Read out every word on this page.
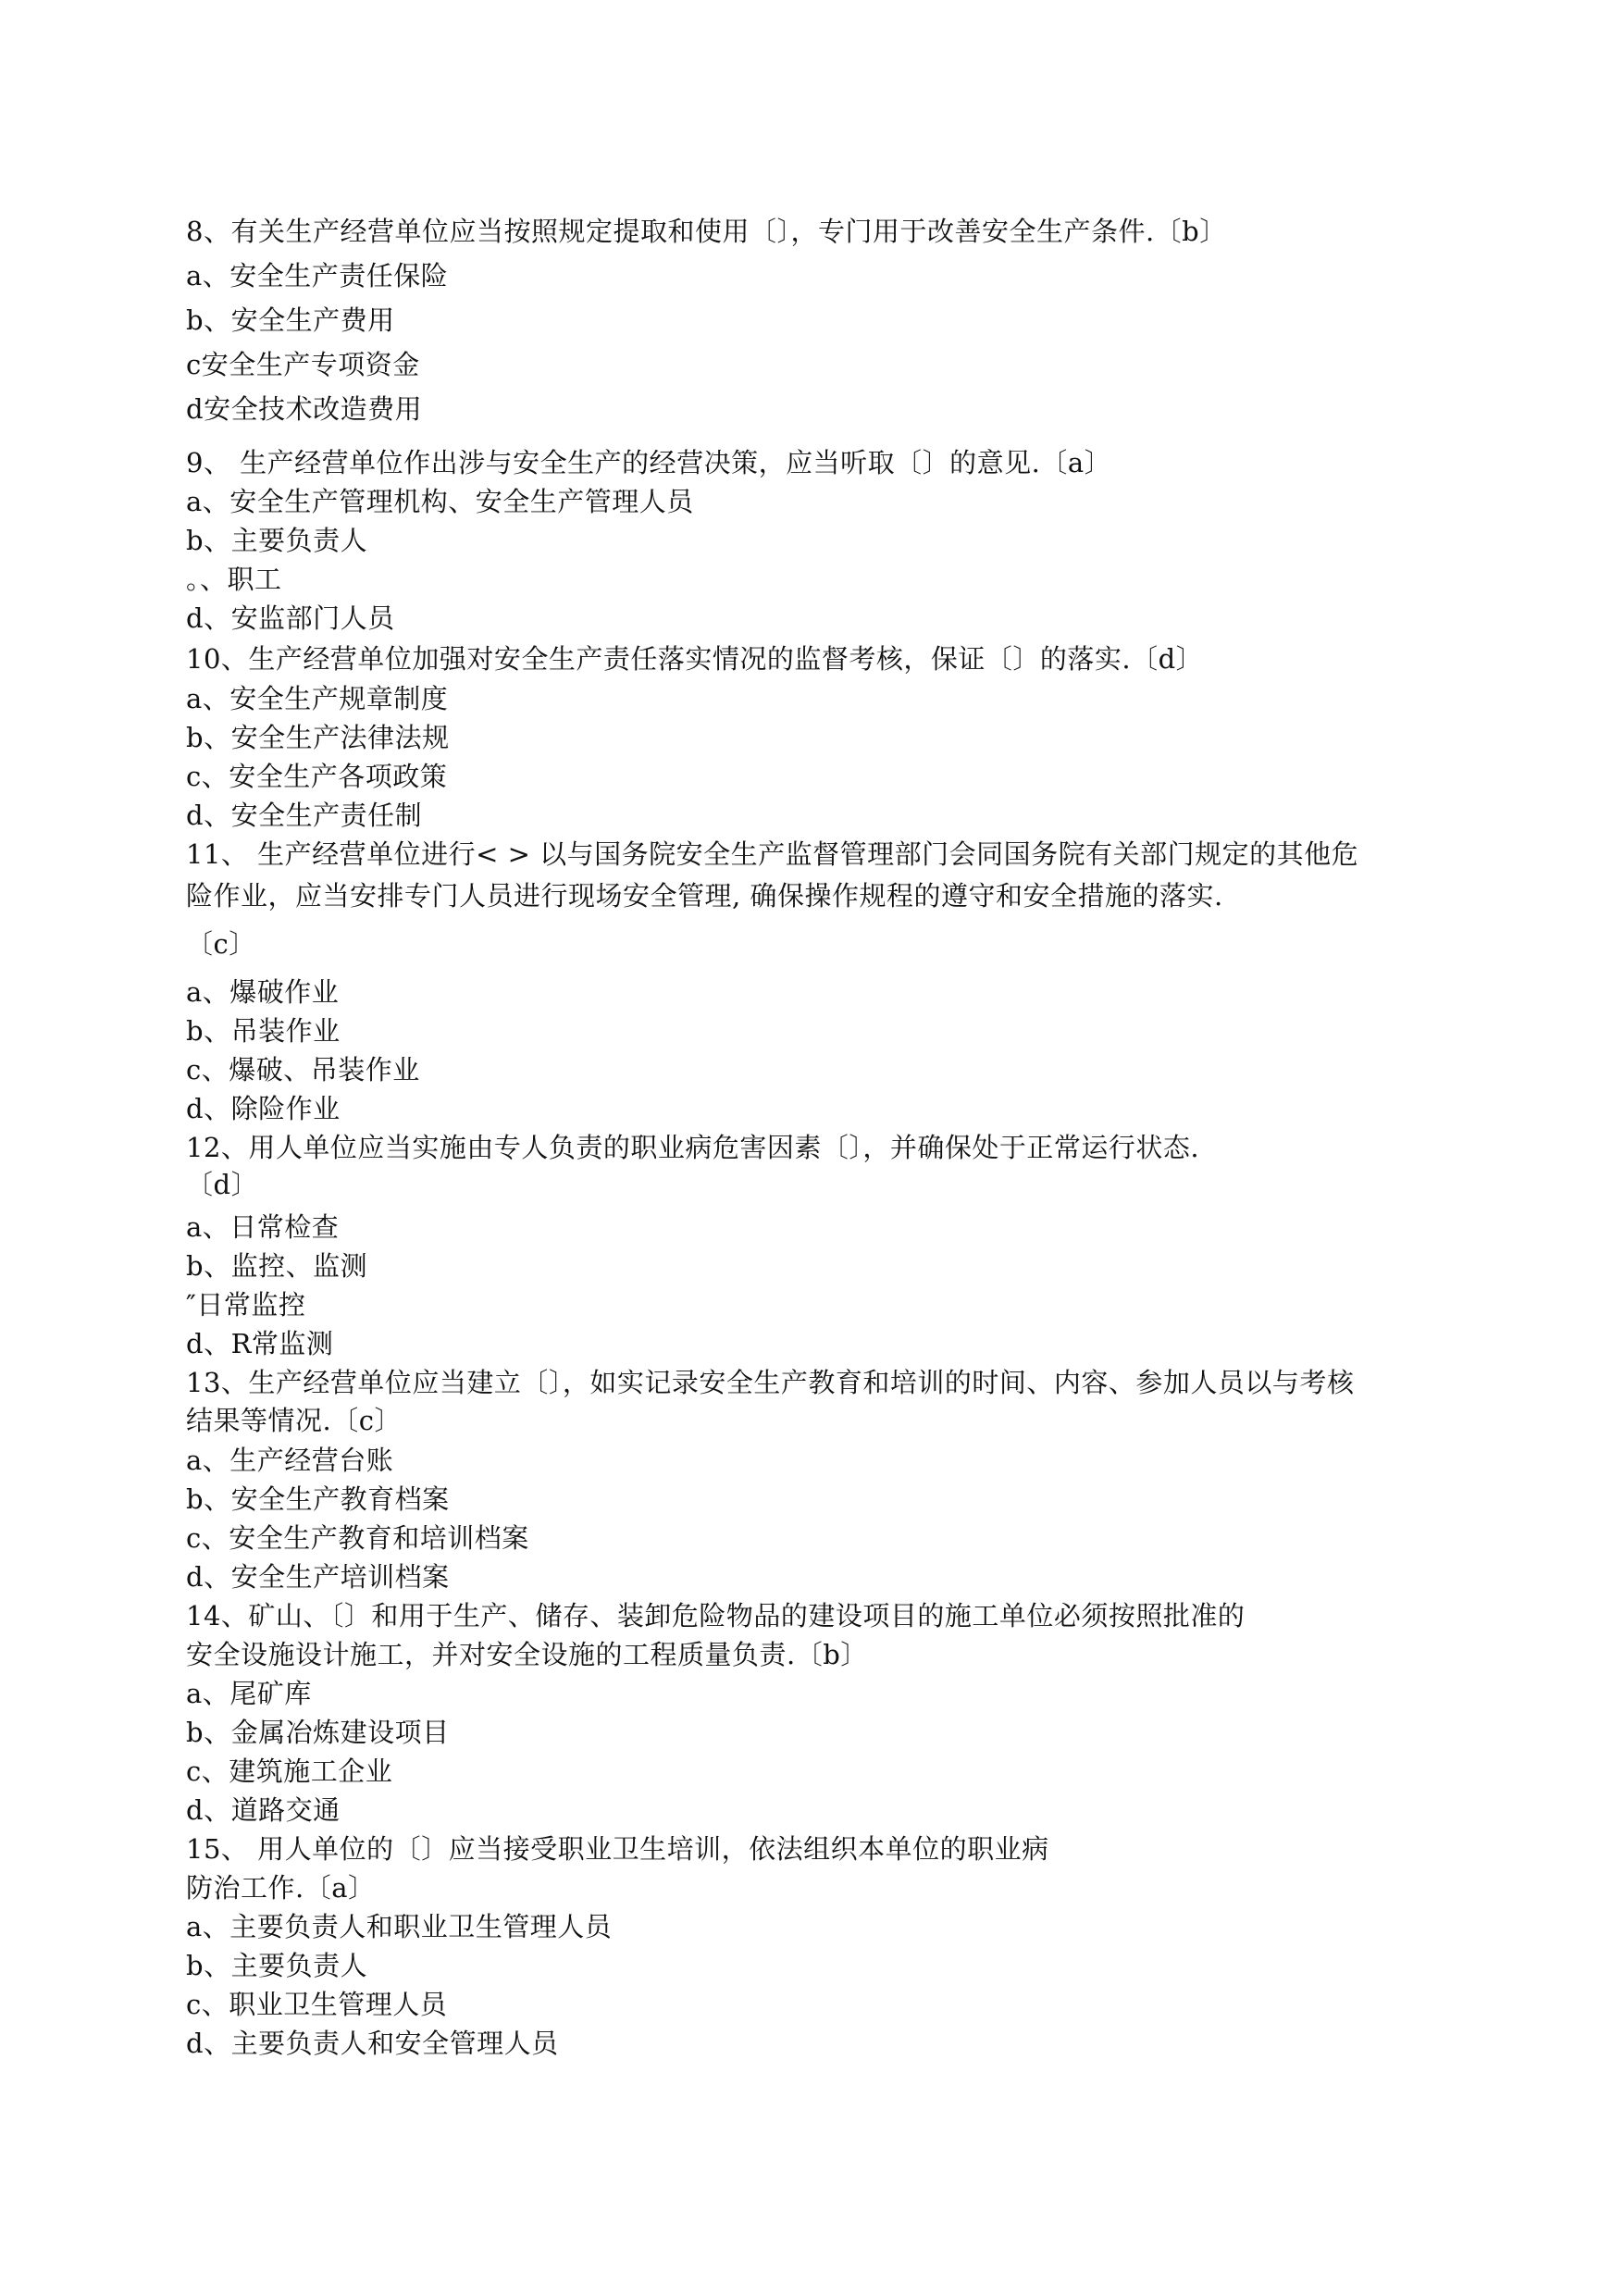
8、有关生产经营单位应当按照规定提取和使用〔〕，专门用于改善安全生产条件.〔b〕
a、安全生产责任保险
b、安全生产费用
c安全生产专项资金
d安全技术改造费用
9、 生产经营单位作出涉与安全生产的经营决策，应当听取〔〕的意见.〔a〕
a、安全生产管理机构、安全生产管理人员
b、主要负责人
。、职工
d、安监部门人员
10、生产经营单位加强对安全生产责任落实情况的监督考核，保证〔〕的落实.〔d〕
a、安全生产规章制度
b、安全生产法律法规
c、安全生产各项政策
d、安全生产责任制
11、 生产经营单位进行< > 以与国务院安全生产监督管理部门会同国务院有关部门规定的其他危
险作业，应当安排专门人员进行现场安全管理, 确保操作规程的遵守和安全措施的落实.
〔c〕
a、爆破作业
b、吊装作业
c、爆破、吊装作业
d、除险作业
12、用人单位应当实施由专人负责的职业病危害因素〔〕，并确保处于正常运行状态.
〔d〕
a、日常检查
b、监控、监测
″日常监控
d、R常监测
13、生产经营单位应当建立〔〕，如实记录安全生产教育和培训的时间、内容、参加人员以与考核
结果等情况.〔c〕
a、生产经营台账
b、安全生产教育档案
c、安全生产教育和培训档案
d、安全生产培训档案
14、矿山、〔〕和用于生产、储存、装卸危险物品的建设项目的施工单位必须按照批准的
安全设施设计施工，并对安全设施的工程质量负责.〔b〕
a、尾矿库
b、金属冶炼建设项目
c、建筑施工企业
d、道路交通
15、 用人单位的〔〕应当接受职业卫生培训，依法组织本单位的职业病
防治工作.〔a〕
a、主要负责人和职业卫生管理人员
b、主要负责人
c、职业卫生管理人员
d、主要负责人和安全管理人员
